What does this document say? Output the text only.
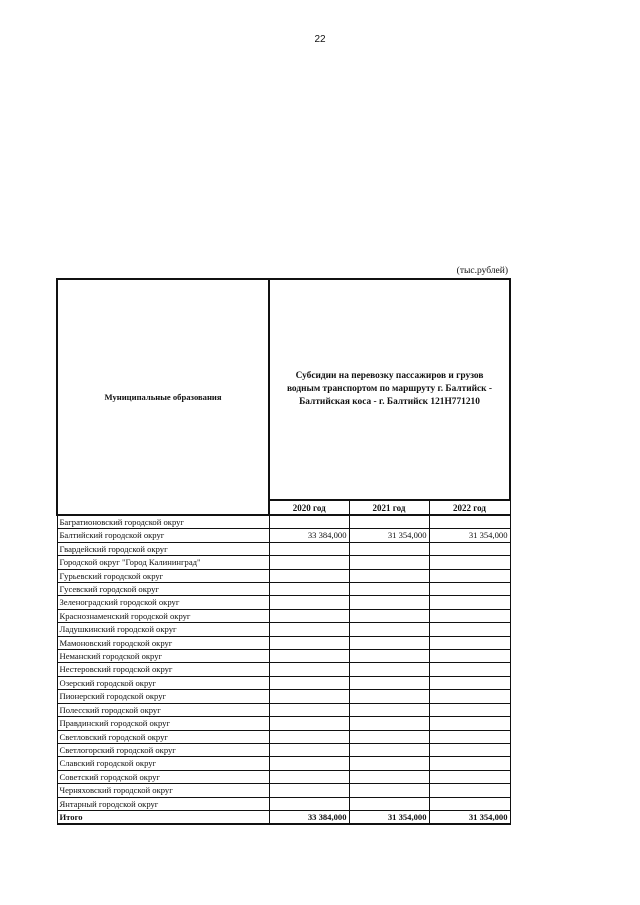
22
(тыс.рублей)
Муниципальные образования	Субсидии на перевозку пассажиров и грузов водным транспортом по маршруту г. Балтийск - Балтийская коса - г. Балтийск 121Н771210		
	2020 год	2021 год	2022 год
Багратионовский городской округ			
Балтийский городской округ	33 384,000	31 354,000	31 354,000
Гвардейский городской округ			
Городской округ "Город Калининград"			
Гурьевский городской округ			
Гусевский городской округ			
Зеленоградский городской округ			
Краснознаменский городской округ			
Ладушкинский городской округ			
Мамоновский городской округ			
Неманский городской округ			
Нестеровский городской округ			
Озерский городской округ			
Пионерский городской округ			
Полесский городской округ			
Правдинский городской округ			
Светловский городской округ			
Светлогорский городской округ			
Славский городской округ			
Советский городской округ			
Черняховский городской округ			
Янтарный городской округ			
Итого	33 384,000	31 354,000	31 354,000
